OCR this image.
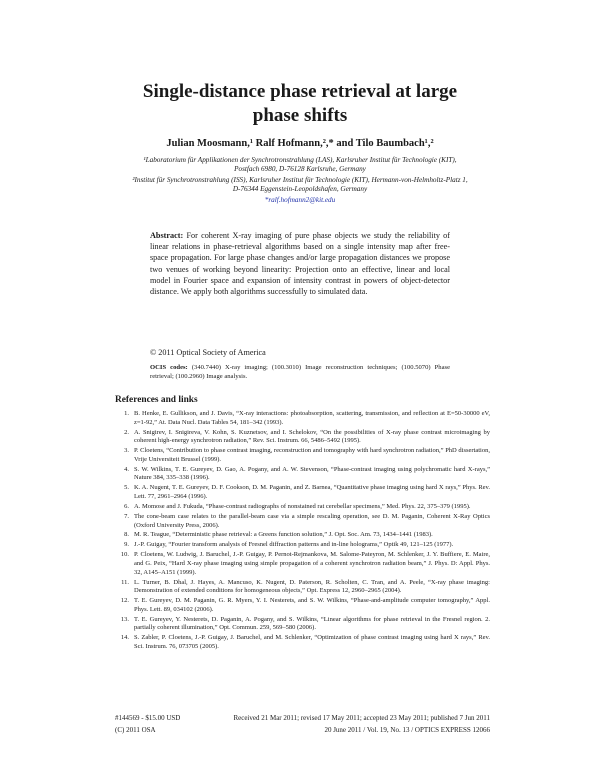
Single-distance phase retrieval at large
phase shifts
Julian Moosmann,¹ Ralf Hofmann,²,* and Tilo Baumbach¹,²
¹Laboratorium für Applikationen der Synchrotronstrahlung (LAS), Karlsruher Institut für Technologie (KIT), Postfach 6980, D-76128 Karlsruhe, Germany
²Institut für Synchrotronstrahlung (ISS), Karlsruher Institut für Technologie (KIT), Hermann-von-Helmholtz-Platz 1, D-76344 Eggenstein-Leopoldshafen, Germany
*ralf.hofmann2@kit.edu
Abstract: For coherent X-ray imaging of pure phase objects we study the reliability of linear relations in phase-retrieval algorithms based on a single intensity map after free-space propagation. For large phase changes and/or large propagation distances we propose two venues of working beyond linearity: Projection onto an effective, linear and local model in Fourier space and expansion of intensity contrast in powers of object-detector distance. We apply both algorithms successfully to simulated data.
© 2011 Optical Society of America
OCIS codes: (340.7440) X-ray imaging; (100.3010) Image reconstruction techniques; (100.5070) Phase retrieval; (100.2960) Image analysis.
References and links
1. B. Henke, E. Gullikson, and J. Davis, “X-ray interactions: photoabsorption, scattering, transmission, and reflection at E=50-30000 eV, z=1-92,” At. Data Nucl. Data Tables 54, 181–342 (1993).
2. A. Snigirev, I. Snigireva, V. Kohn, S. Kuznetsov, and I. Schelokov, “On the possibilities of X-ray phase contrast microimaging by coherent high-energy synchrotron radiation,” Rev. Sci. Instrum. 66, 5486–5492 (1995).
3. P. Cloetens, “Contribution to phase contrast imaging, reconstruction and tomography with hard synchrotron radiation,” PhD dissertation, Vrije Universiteit Brussel (1999).
4. S. W. Wilkins, T. E. Gureyev, D. Gao, A. Pogany, and A. W. Stevenson, “Phase-contrast imaging using polychromatic hard X-rays,” Nature 384, 335–338 (1996).
5. K. A. Nugent, T. E. Gureyev, D. F. Cookson, D. M. Paganin, and Z. Barnea, “Quantitative phase imaging using hard X rays,” Phys. Rev. Lett. 77, 2961–2964 (1996).
6. A. Momose and J. Fukuda, “Phase-contrast radiographs of nonstained rat cerebellar specimens,” Med. Phys. 22, 375–379 (1995).
7. The cone-beam case relates to the parallel-beam case via a simple rescaling operation, see D. M. Paganin, Coherent X-Ray Optics (Oxford University Press, 2006).
8. M. R. Teague, “Deterministic phase retrieval: a Greens function solution,” J. Opt. Soc. Am. 73, 1434–1441 (1983).
9. J.-P. Guigay, “Fourier transform analysis of Fresnel diffraction patterns and in-line holograms,” Optik 49, 121–125 (1977).
10. P. Cloetens, W. Ludwig, J. Baruchel, J.-P. Guigay, P. Pernot-Rejmankova, M. Salome-Pateyron, M. Schlenker, J. Y. Buffiere, E. Maire, and G. Peix, “Hard X-ray phase imaging using simple propagation of a coherent synchrotron radiation beam,” J. Phys. D: Appl. Phys. 32, A145–A151 (1999).
11. L. Turner, B. Dhal, J. Hayes, A. Mancuso, K. Nugent, D. Paterson, R. Scholten, C. Tran, and A. Peele, “X-ray phase imaging: Demonstration of extended conditions for homogeneous objects,” Opt. Express 12, 2960–2965 (2004).
12. T. E. Gureyev, D. M. Paganin, G. R. Myers, Y. I. Nesterets, and S. W. Wilkins, “Phase-and-amplitude computer tomography,” Appl. Phys. Lett. 89, 034102 (2006).
13. T. E. Gureyev, Y. Nesterets, D. Paganin, A. Pogany, and S. Wilkins, “Linear algorithms for phase retrieval in the Fresnel region. 2. partially coherent illumination,” Opt. Commun. 259, 569–580 (2006).
14. S. Zabler, P. Cloetens, J.-P. Guigay, J. Baruchel, and M. Schlenker, “Optimization of phase contrast imaging using hard X rays,” Rev. Sci. Instrum. 76, 073705 (2005).
#144569 - $15.00 USD	Received 21 Mar 2011; revised 17 May 2011; accepted 23 May 2011; published 7 Jun 2011
(C) 2011 OSA	20 June 2011 / Vol. 19, No. 13 / OPTICS EXPRESS 12066
